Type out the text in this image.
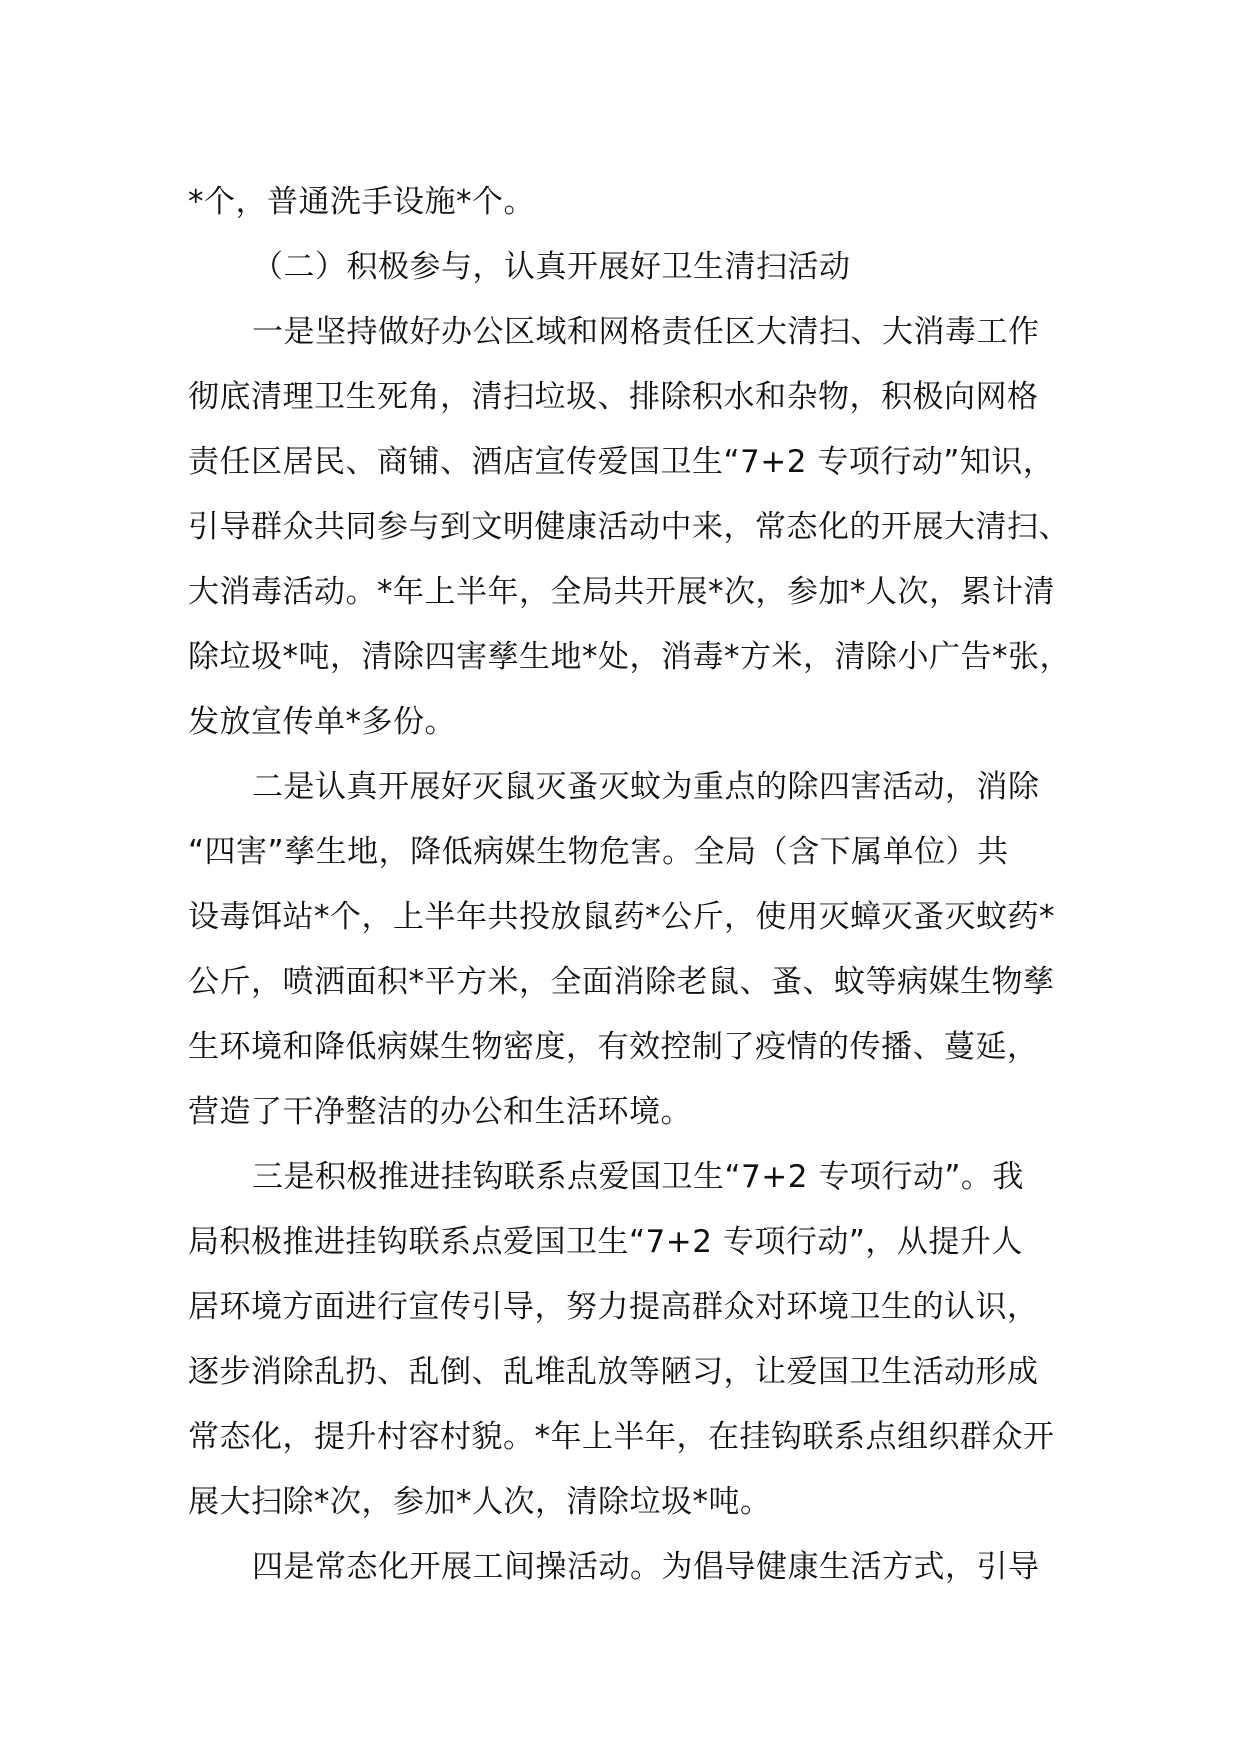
*个，普通洗手设施*个。
（二）积极参与，认真开展好卫生清扫活动
一是坚持做好办公区域和网格责任区大清扫、大消毒工作
彻底清理卫生死角，清扫垃圾、排除积水和杂物，积极向网格
责任区居民、商铺、酒店宣传爱国卫生“7+2 专项行动”知识，
引导群众共同参与到文明健康活动中来，常态化的开展大清扫、
大消毒活动。*年上半年，全局共开展*次，参加*人次，累计清
除垃圾*吨，清除四害孳生地*处，消毒*方米，清除小广告*张，
发放宣传单*多份。
二是认真开展好灭鼠灭蚤灭蚊为重点的除四害活动，消除
“四害”孳生地，降低病媒生物危害。全局（含下属单位）共
设毒饵站*个，上半年共投放鼠药*公斤，使用灭蟑灭蚤灭蚊药*
公斤，喷洒面积*平方米，全面消除老鼠、蚤、蚊等病媒生物孳
生环境和降低病媒生物密度，有效控制了疫情的传播、蔓延，
营造了干净整洁的办公和生活环境。
三是积极推进挂钩联系点爱国卫生“7+2 专项行动”。我
局积极推进挂钩联系点爱国卫生“7+2 专项行动”，从提升人
居环境方面进行宣传引导，努力提高群众对环境卫生的认识，
逐步消除乱扔、乱倒、乱堆乱放等陋习，让爱国卫生活动形成
常态化，提升村容村貌。*年上半年，在挂钩联系点组织群众开
展大扫除*次，参加*人次，清除垃圾*吨。
四是常态化开展工间操活动。为倡导健康生活方式，引导
